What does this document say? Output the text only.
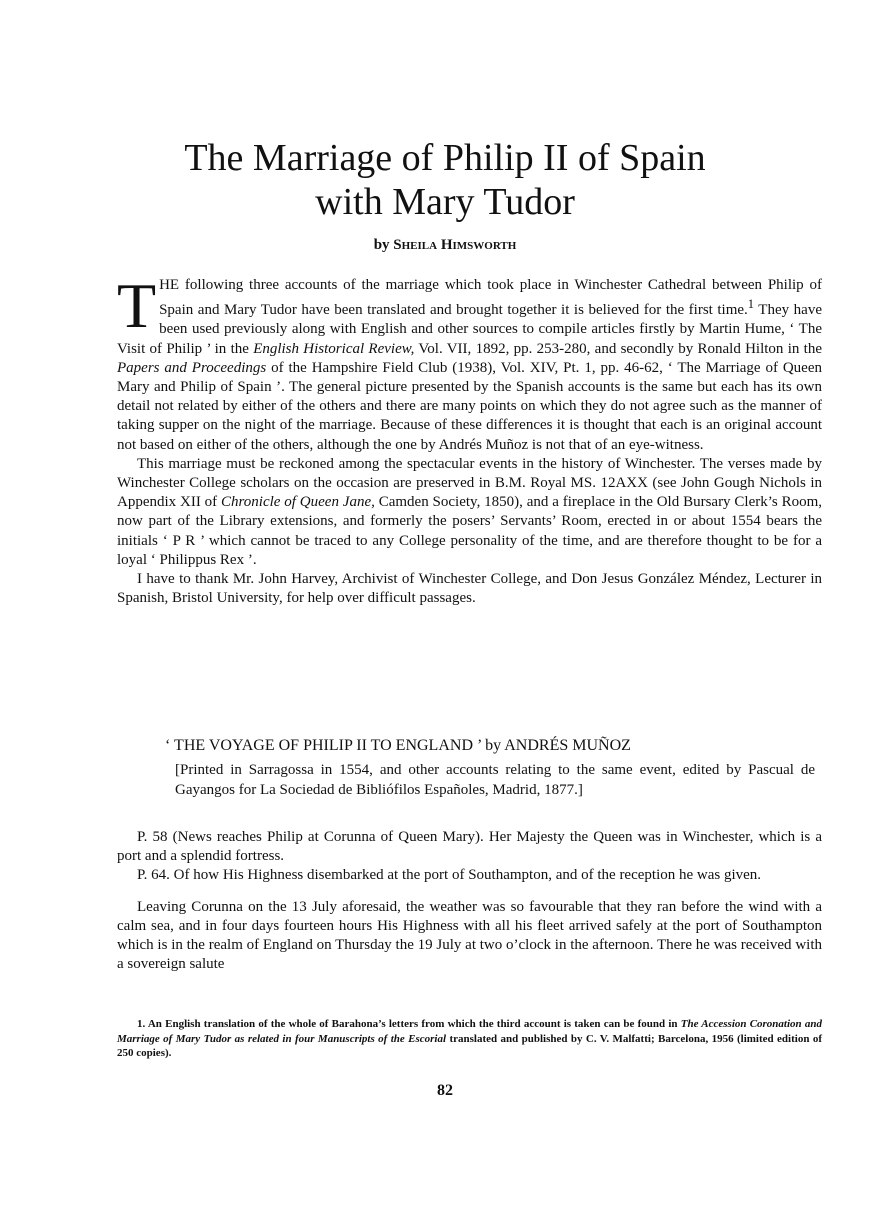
The Marriage of Philip II of Spain
with Mary Tudor
by Sheila Himsworth

THE following three accounts of the marriage which took place in Winchester Cathedral between Philip of Spain and Mary Tudor have been translated and brought together it is believed for the first time.$^1$ They have been used previously along with English and other sources to compile articles firstly by Martin Hume, ‘ The Visit of Philip ’ in the English Historical Review, Vol. VII, 1892, pp. 253-280, and secondly by Ronald Hilton in the Papers and Proceedings of the Hampshire Field Club (1938), Vol. XIV, Pt. 1, pp. 46-62, ‘ The Marriage of Queen Mary and Philip of Spain ’. The general picture presented by the Spanish accounts is the same but each has its own detail not related by either of the others and there are many points on which they do not agree such as the manner of taking supper on the night of the marriage. Because of these differences it is thought that each is an original account not based on either of the others, although the one by Andrés Muñoz is not that of an eye-witness.

This marriage must be reckoned among the spectacular events in the history of Winchester. The verses made by Winchester College scholars on the occasion are preserved in B.M. Royal MS. 12AXX (see John Gough Nichols in Appendix XII of Chronicle of Queen Jane, Camden Society, 1850), and a fireplace in the Old Bursary Clerk’s Room, now part of the Library extensions, and formerly the posers’ Servants’ Room, erected in or about 1554 bears the initials ‘ P R ’ which cannot be traced to any College personality of the time, and are therefore thought to be for a loyal ‘ Philippus Rex ’.

I have to thank Mr. John Harvey, Archivist of Winchester College, and Don Jesus González Méndez, Lecturer in Spanish, Bristol University, for help over difficult passages.

‘ THE VOYAGE OF PHILIP II TO ENGLAND ’ by ANDRÉS MUÑOZ

[Printed in Sarragossa in 1554, and other accounts relating to the same event, edited by Pascual de Gayangos for La Sociedad de Bibliófilos Españoles, Madrid, 1877.]

P. 58 (News reaches Philip at Corunna of Queen Mary). Her Majesty the Queen was in Winchester, which is a port and a splendid fortress.

P. 64. Of how His Highness disembarked at the port of Southampton, and of the reception he was given.

Leaving Corunna on the 13 July aforesaid, the weather was so favourable that they ran before the wind with a calm sea, and in four days fourteen hours His Highness with all his fleet arrived safely at the port of Southampton which is in the realm of England on Thursday the 19 July at two o’clock in the afternoon. There he was received with a sovereign salute

1. An English translation of the whole of Barahona’s letters from which the third account is taken can be found in The Accession Coronation and Marriage of Mary Tudor as related in four Manuscripts of the Escorial translated and published by C. V. Malfatti; Barcelona, 1956 (limited edition of 250 copies).

82
